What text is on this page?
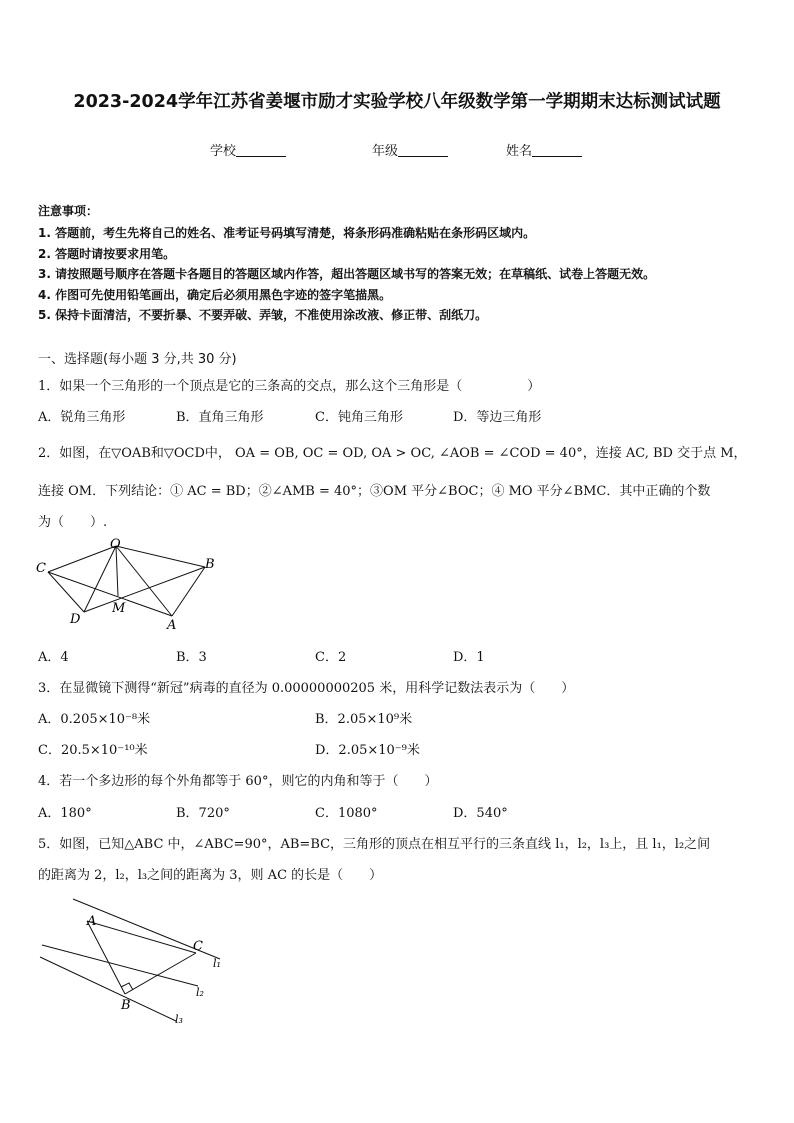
2023-2024学年江苏省姜堰市励才实验学校八年级数学第一学期期末达标测试试题
学校	年级	姓名
注意事项：
1. 答题前，考生先将自己的姓名、准考证号码填写清楚，将条形码准确粘贴在条形码区域内。
2. 答题时请按要求用笔。
3. 请按照题号顺序在答题卡各题目的答题区域内作答，超出答题区域书写的答案无效；在草稿纸、试卷上答题无效。
4. 作图可先使用铅笔画出，确定后必须用黑色字迹的签字笔描黑。
5. 保持卡面清洁，不要折暴、不要弄破、弄皱，不准使用涂改液、修正带、刮纸刀。
一、选择题(每小题 3 分,共 30 分)
1．如果一个三角形的一个顶点是它的三条高的交点，那么这个三角形是（　　　　　）
A．锐角三角形	B．直角三角形	C．钝角三角形	D．等边三角形
2．如图，在▽OAB和▽OCD中， OA = OB, OC = OD, OA > OC, ∠AOB = ∠COD = 40°，连接 AC, BD 交于点 M，
连接 OM．下列结论：① AC = BD；②∠AMB = 40°；③OM 平分∠BOC；④ MO 平分∠BMC．其中正确的个数
为（　　）.
O
C	B
D
M
A
A．4	B．3	C．2	D．1
3．在显微镜下测得“新冠”病毒的直径为 0.00000000205 米，用科学记数法表示为（　　）
A．0.205×10⁻⁸米	B．2.05×10⁹米
C．20.5×10⁻¹⁰米	D．2.05×10⁻⁹米
4．若一个多边形的每个外角都等于 60°，则它的内角和等于（　　）
A．180°	B．720°	C．1080°	D．540°
5．如图，已知△ABC 中，∠ABC=90°，AB=BC，三角形的顶点在相互平行的三条直线 l₁，l₂，l₃上，且 l₁，l₂之间
的距离为 2，l₂，l₃之间的距离为 3，则 AC 的长是（　　）
A
C
B
l₁
l₂
l₃
